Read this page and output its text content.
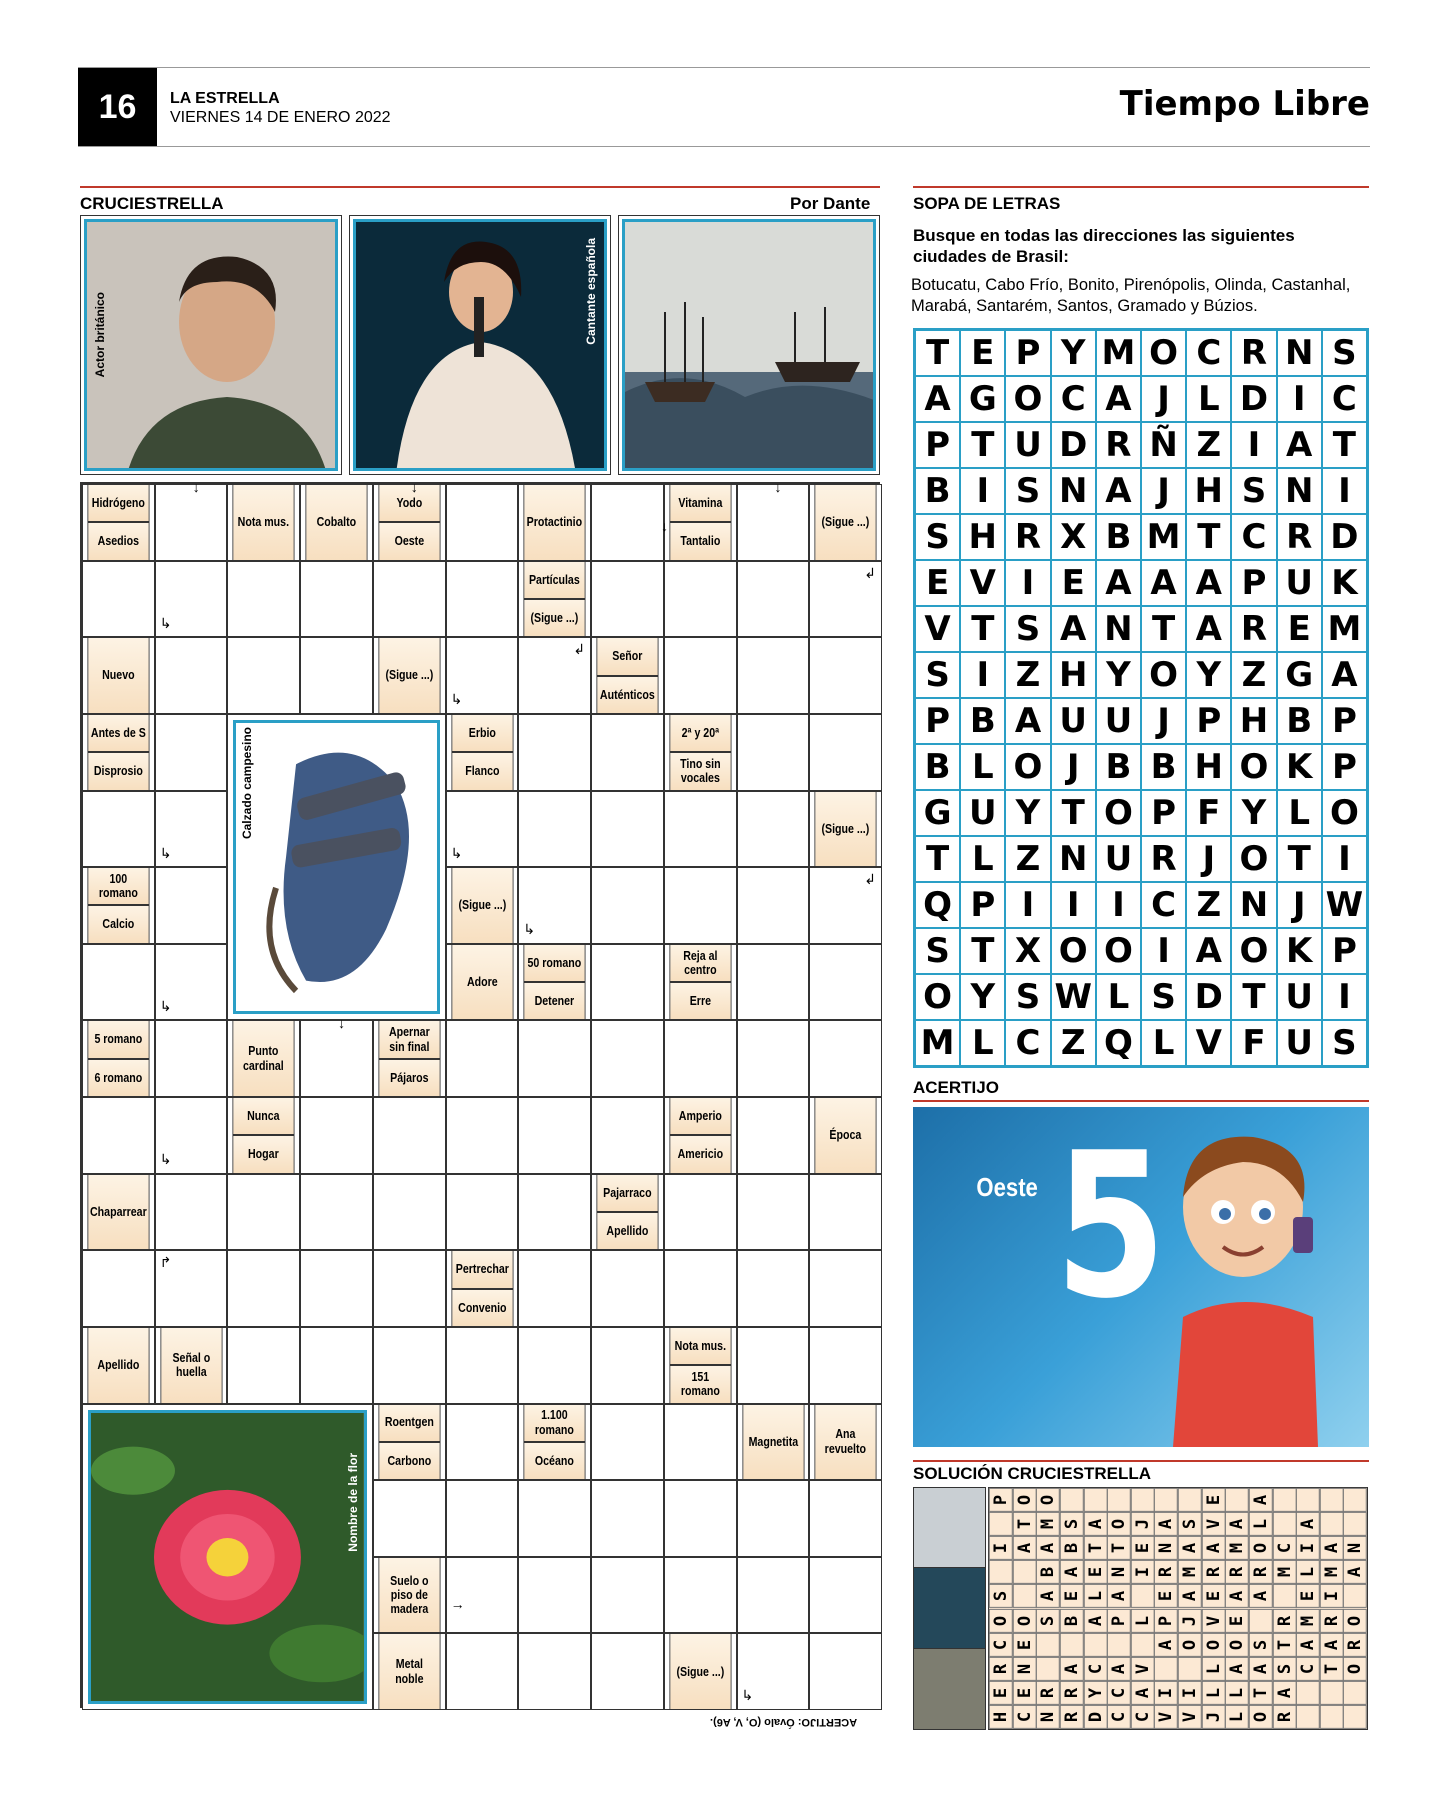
16	LA ESTRELLA
VIERNES 14 DE ENERO 2022	Tiempo Libre
CRUCIESTRELLA	Por Dante
Actor británico	Cantante española
Hidrógeno
Asedios
Nota mus.	Cobalto
Yodo
Oeste
Protactinio
Vitamina
Tantalio
(Sigue ...)
Partículas
(Sigue ...)
Nuevo	(Sigue ...)
Señor
Auténticos
Antes de S
Disprosio
Erbio
Flanco
2ª y 20ª
Tino sin vocales
(Sigue ...)
100 romano
Calcio
(Sigue ...)
Adore
50 romano
Detener
Reja al centro
Erre
5 romano
6 romano
Punto cardinal
Apernar sin final
Pájaros
Nunca
Hogar
Amperio
Americio
Época
Chaparrear
Pajarraco
Apellido
Pertrechar
Convenio
Apellido
Señal o huella
Nota mus.
151 romano
Roentgen
Carbono
1.100 romano
Océano
Magnetita
Ana revuelto
Suelo o piso de madera
Metal noble
(Sigue ...)
Calzado campesino
Nombre de la flor
↓	↓
↓
↓
↳
↲
↲
↳
↳	↳
↲
↳
↳
↓
↳
↱
→
↳
SOPA DE LETRAS
Busque en todas las direcciones las siguientes ciudades de Brasil:
Botucatu, Cabo Frío, Bonito, Pirenópolis, Olinda, Castanhal, Marabá, Santarém, Santos, Gramado y Búzios.
T E P Y M O C R N S
A G O C A J L D I C
P T U D R Ñ Z I A T
B I S N A J H S N I
S H R X B M T C R D
E V I E A A A P U K
V T S A N T A R E M
S I Z H Y O Y Z G A
P B A U U J P H B P
B L O J B B H O K P
G U Y T O P F Y L O
T L Z N U R J O T I
Q P I I I C Z N J W
S T X O O I A O K P
O Y S W L S D T U I
M L C Z Q L V F U S
ACERTIJO
Oeste 5
SOLUCIÓN CRUCIESTRELLA
H
E
R
C
O
S
I
P
C
E
N
E
O
A
T
O
N
R
S
A
B
A
M
O
R
R
A
B
E
A
B
S
D
Y
C
A
L
E
T
A
C
C
A
P
A
N
T
O
C
A
V
L
I
E
J
V
I
A
P
E
R
N
A
V
I
O
J
A
M
A
S
J
L
L
O
V
E
R
A
V
E
L
L
A
O
E
A
R
M
A
O
T
A
S
A
R
O
L
A
R
A
S
T
R
M
C
C
A
M
E
L
I
A
T
A
R
I
M
A
O
R
O
A
N
ACERTIJO: Óvalo (O, V, A6).
